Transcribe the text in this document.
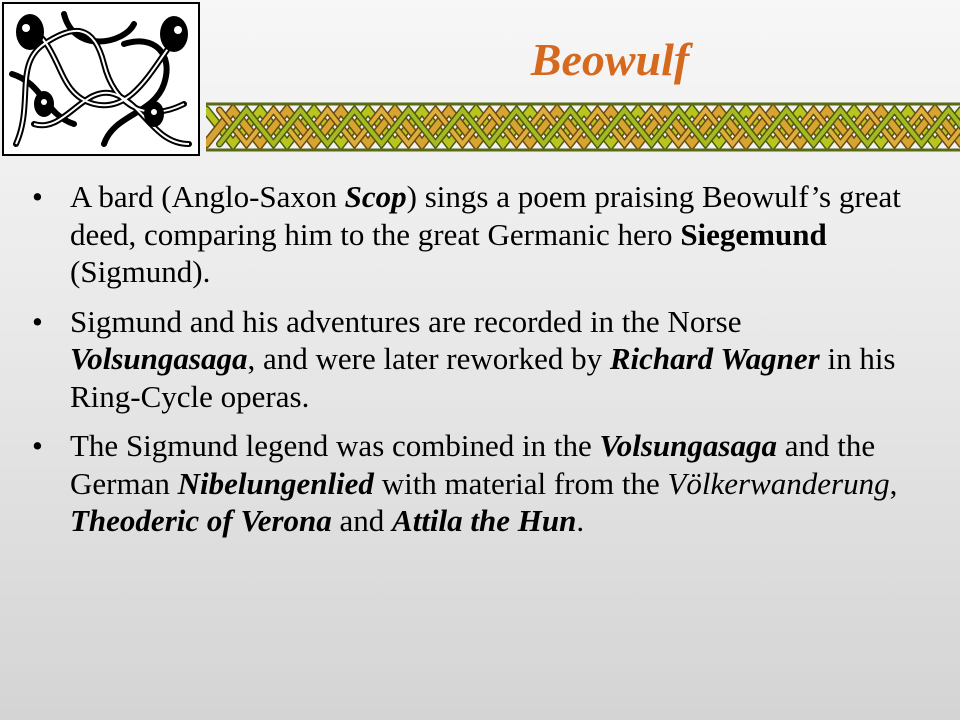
Beowulf
• A bard (Anglo-Saxon Scop) sings a poem praising Beowulf’s great deed, comparing him to the great Germanic hero Siegemund (Sigmund).
• Sigmund and his adventures are recorded in the Norse Volsungasaga, and were later reworked by Richard Wagner in his Ring-Cycle operas.
• The Sigmund legend was combined in the Volsungasaga and the German Nibelungenlied with material from the Völkerwanderung, Theoderic of Verona and Attila the Hun.
